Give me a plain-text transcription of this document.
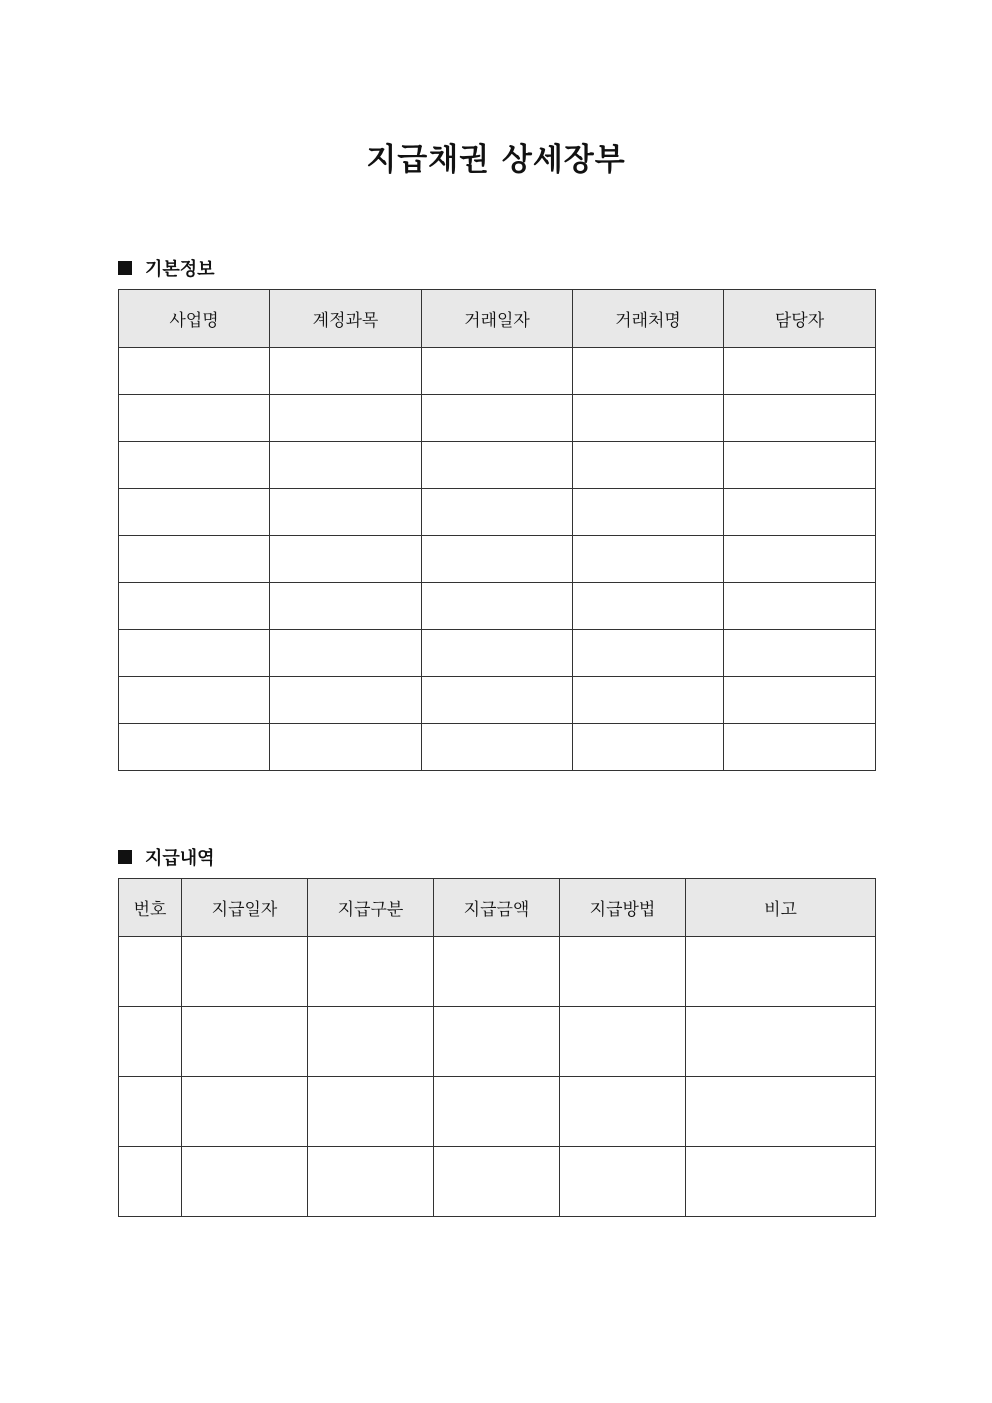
지급채권 상세장부
기본정보
사업명	계정과목	거래일자	거래처명	담당자

지급내역
번호	지급일자	지급구분	지급금액	지급방법	비고
